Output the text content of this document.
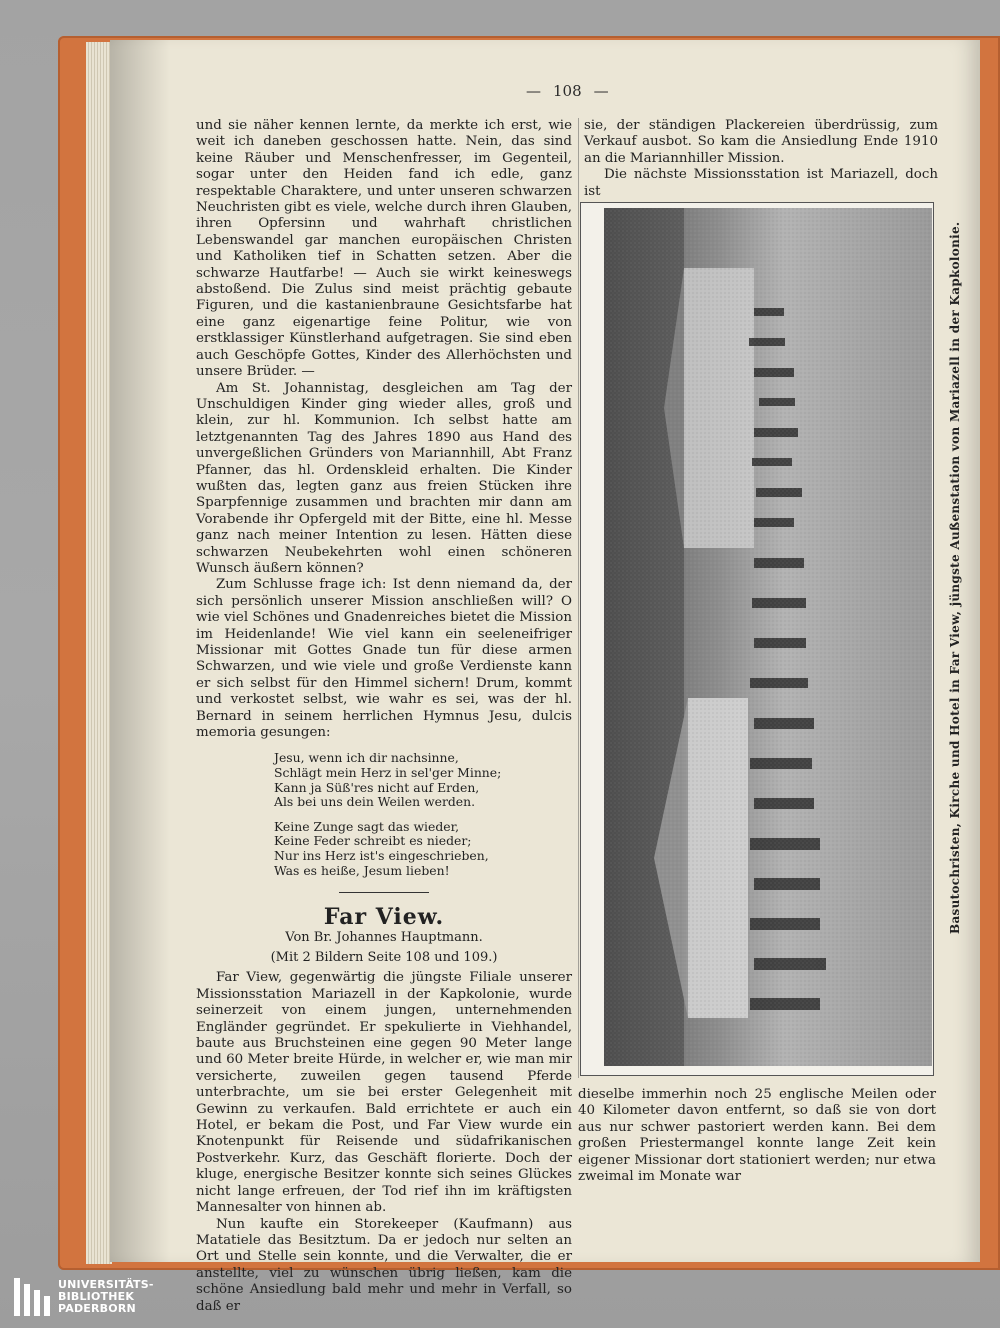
— 108 —

und sie näher kennen lernte, da merkte ich erst, wie weit ich daneben geschossen hatte. Nein, das sind keine Räuber und Menschenfresser, im Gegenteil, sogar unter den Heiden fand ich edle, ganz respektable Charaktere, und unter unseren schwarzen Neuchristen gibt es viele, welche durch ihren Glauben, ihren Opfersinn und wahrhaft christlichen Lebenswandel gar manchen europäischen Christen und Katholiken tief in Schatten setzen. Aber die schwarze Hautfarbe! — Auch sie wirkt keineswegs abstoßend. Die Zulus sind meist prächtig gebaute Figuren, und die kastanienbraune Gesichtsfarbe hat eine ganz eigenartige feine Politur, wie von erstklassiger Künstlerhand aufgetragen. Sie sind eben auch Geschöpfe Gottes, Kinder des Allerhöchsten und unsere Brüder. —

Am St. Johannistag, desgleichen am Tag der Unschuldigen Kinder ging wieder alles, groß und klein, zur hl. Kommunion. Ich selbst hatte am letztgenannten Tag des Jahres 1890 aus Hand des unvergeßlichen Gründers von Mariannhill, Abt Franz Pfanner, das hl. Ordenskleid erhalten. Die Kinder wußten das, legten ganz aus freien Stücken ihre Sparpfennige zusammen und brachten mir dann am Vorabende ihr Opfergeld mit der Bitte, eine hl. Messe ganz nach meiner Intention zu lesen. Hätten diese schwarzen Neubekehrten wohl einen schöneren Wunsch äußern können?

Zum Schlusse frage ich: Ist denn niemand da, der sich persönlich unserer Mission anschließen will? O wie viel Schönes und Gnadenreiches bietet die Mission im Heidenlande! Wie viel kann ein seeleneifriger Missionar mit Gottes Gnade tun für diese armen Schwarzen, und wie viele und große Verdienste kann er sich selbst für den Himmel sichern! Drum, kommt und verkostet selbst, wie wahr es sei, was der hl. Bernard in seinem herrlichen Hymnus Jesu, dulcis memoria gesungen:

Jesu, wenn ich dir nachsinne,
Schlägt mein Herz in sel'ger Minne;
Kann ja Süß'res nicht auf Erden,
Als bei uns dein Weilen werden.
Keine Zunge sagt das wieder,
Keine Feder schreibt es nieder;
Nur ins Herz ist's eingeschrieben,
Was es heiße, Jesum lieben!
Far View.
Von Br. Johannes Hauptmann.
(Mit 2 Bildern Seite 108 und 109.)

Far View, gegenwärtig die jüngste Filiale unserer Missionsstation Mariazell in der Kapkolonie, wurde seinerzeit von einem jungen, unternehmenden Engländer gegründet. Er spekulierte in Viehhandel, baute aus Bruchsteinen eine gegen 90 Meter lange und 60 Meter breite Hürde, in welcher er, wie man mir versicherte, zuweilen gegen tausend Pferde unterbrachte, um sie bei erster Gelegenheit mit Gewinn zu verkaufen. Bald errichtete er auch ein Hotel, er bekam die Post, und Far View wurde ein Knotenpunkt für Reisende und südafrikanischen Postverkehr. Kurz, das Geschäft florierte. Doch der kluge, energische Besitzer konnte sich seines Glückes nicht lange erfreuen, der Tod rief ihn im kräftigsten Mannesalter von hinnen ab.

Nun kaufte ein Storekeeper (Kaufmann) aus Matatiele das Besitztum. Da er jedoch nur selten an Ort und Stelle sein konnte, und die Verwalter, die er anstellte, viel zu wünschen übrig ließen, kam die schöne Ansiedlung bald mehr und mehr in Verfall, so daß er

sie, der ständigen Plackereien überdrüssig, zum Verkauf ausbot. So kam die Ansiedlung Ende 1910 an die Mariannhiller Mission.

Die nächste Missionsstation ist Mariazell, doch ist

Basutochristen, Kirche und Hotel in Far View, jüngste Außenstation von Mariazell in der Kapkolonie.

dieselbe immerhin noch 25 englische Meilen oder 40 Kilometer davon entfernt, so daß sie von dort aus nur schwer pastoriert werden kann. Bei dem großen Priestermangel konnte lange Zeit kein eigener Missionar dort stationiert werden; nur etwa zweimal im Monate war

UNIVERSITÄTS-
BIBLIOTHEK
PADERBORN
